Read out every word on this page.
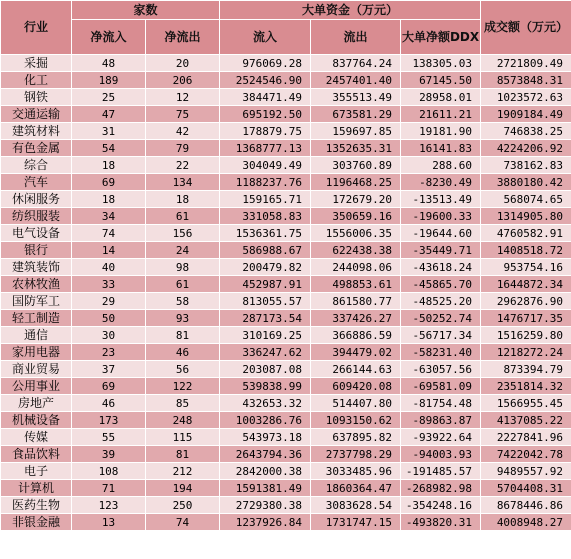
行业	家数		大单资金（万元）			成交额（万元）
	净流入	净流出	流入	流出	大单净额DDX	
采掘	48	20	976069.28	837764.24	138305.03	2721809.49
化工	189	206	2524546.90	2457401.40	67145.50	8573848.31
钢铁	25	12	384471.49	355513.49	28958.01	1023572.63
交通运输	47	75	695192.50	673581.29	21611.21	1909184.49
建筑材料	31	42	178879.75	159697.85	19181.90	746838.25
有色金属	54	79	1368777.13	1352635.31	16141.83	4224206.92
综合	18	22	304049.49	303760.89	288.60	738162.83
汽车	69	134	1188237.76	1196468.25	-8230.49	3880180.42
休闲服务	18	18	159165.71	172679.20	-13513.49	568074.65
纺织服装	34	61	331058.83	350659.16	-19600.33	1314905.80
电气设备	74	156	1536361.75	1556006.35	-19644.60	4760582.91
银行	14	24	586988.67	622438.38	-35449.71	1408518.72
建筑装饰	40	98	200479.82	244098.06	-43618.24	953754.16
农林牧渔	33	61	452987.91	498853.61	-45865.70	1644872.34
国防军工	29	58	813055.57	861580.77	-48525.20	2962876.90
轻工制造	50	93	287173.54	337426.27	-50252.74	1476717.35
通信	30	81	310169.25	366886.59	-56717.34	1516259.80
家用电器	23	46	336247.62	394479.02	-58231.40	1218272.24
商业贸易	37	56	203087.08	266144.63	-63057.56	873394.79
公用事业	69	122	539838.99	609420.08	-69581.09	2351814.32
房地产	46	85	432653.32	514407.80	-81754.48	1566955.45
机械设备	173	248	1003286.76	1093150.62	-89863.87	4137085.22
传媒	55	115	543973.18	637895.82	-93922.64	2227841.96
食品饮料	39	81	2643794.36	2737798.29	-94003.93	7422042.78
电子	108	212	2842000.38	3033485.96	-191485.57	9489557.92
计算机	71	194	1591381.49	1860364.47	-268982.98	5704408.31
医药生物	123	250	2729380.38	3083628.54	-354248.16	8678446.86
非银金融	13	74	1237926.84	1731747.15	-493820.31	4008948.27
